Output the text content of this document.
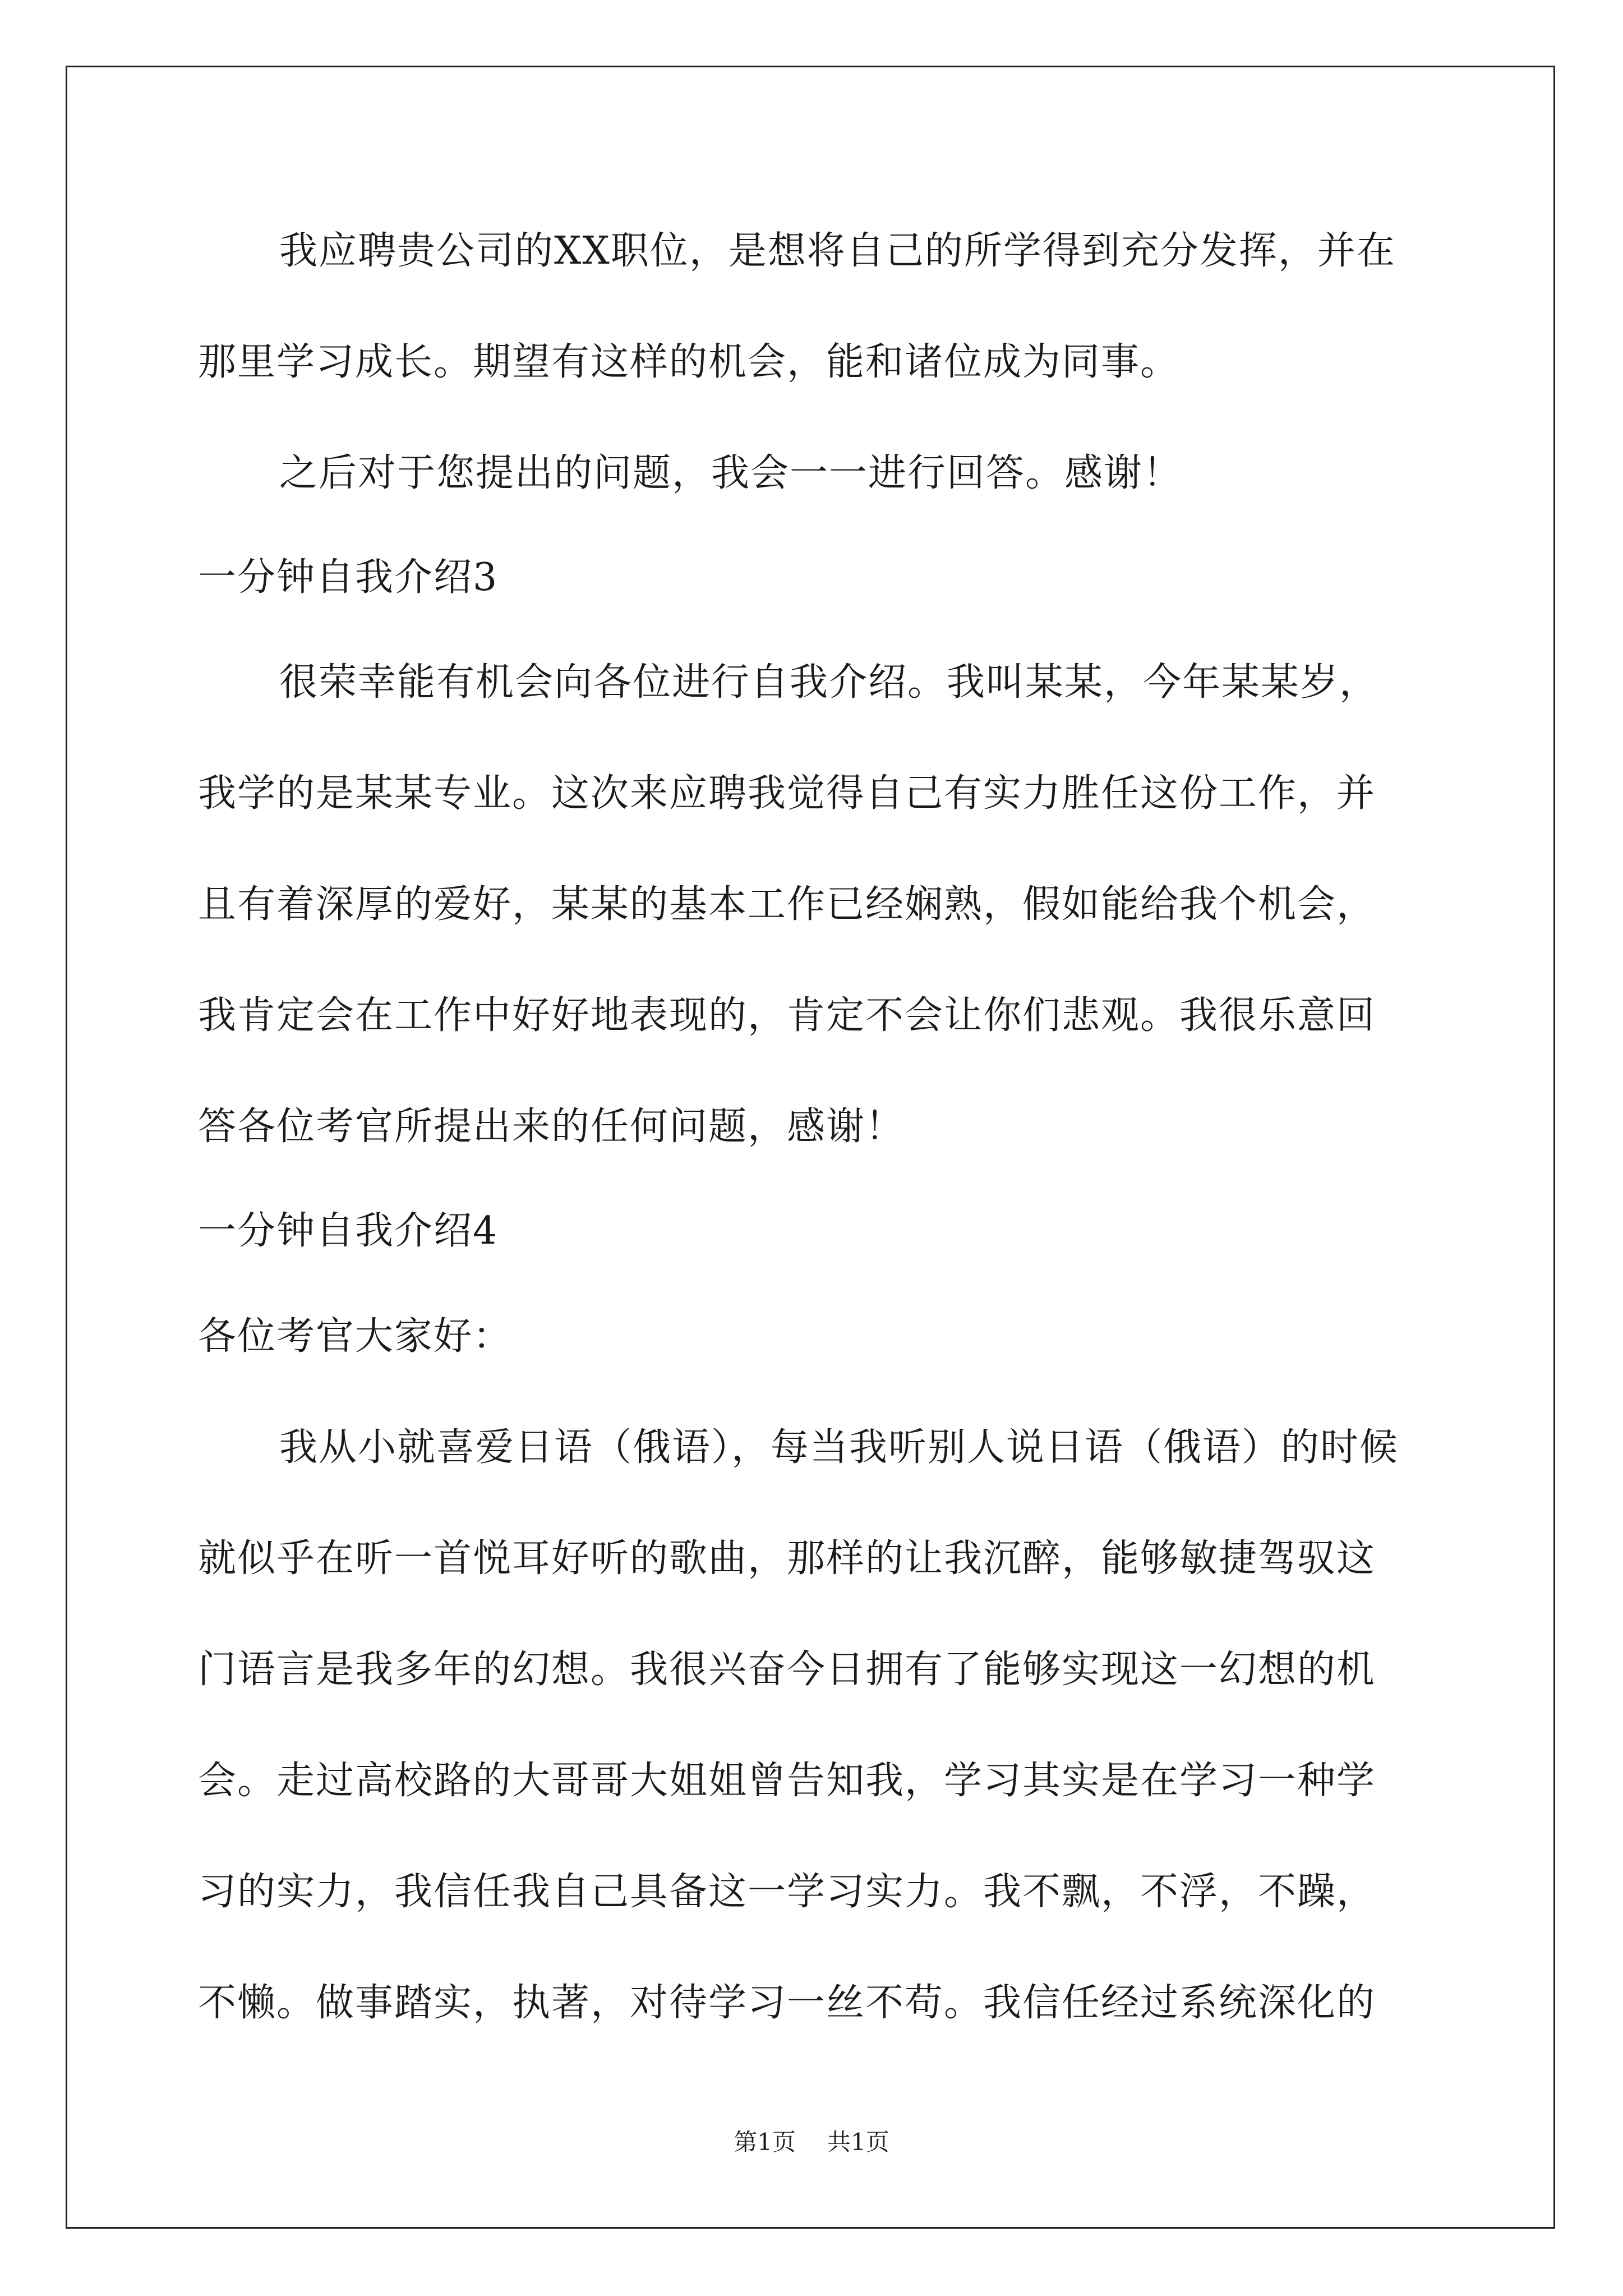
我应聘贵公司的XX职位，是想将自己的所学得到充分发挥，并在
那里学习成长。期望有这样的机会，能和诸位成为同事。
之后对于您提出的问题，我会一一进行回答。感谢！
一分钟自我介绍3
很荣幸能有机会向各位进行自我介绍。我叫某某，今年某某岁，
我学的是某某专业。这次来应聘我觉得自己有实力胜任这份工作，并
且有着深厚的爱好，某某的基本工作已经娴熟，假如能给我个机会，
我肯定会在工作中好好地表现的，肯定不会让你们悲观。我很乐意回
答各位考官所提出来的任何问题，感谢！
一分钟自我介绍4
各位考官大家好：
我从小就喜爱日语（俄语），每当我听别人说日语（俄语）的时候
就似乎在听一首悦耳好听的歌曲，那样的让我沉醉，能够敏捷驾驭这
门语言是我多年的幻想。我很兴奋今日拥有了能够实现这一幻想的机
会。走过高校路的大哥哥大姐姐曾告知我，学习其实是在学习一种学
习的实力，我信任我自己具备这一学习实力。我不飘，不浮，不躁，
不懒。做事踏实，执著，对待学习一丝不苟。我信任经过系统深化的
第1页 共1页
